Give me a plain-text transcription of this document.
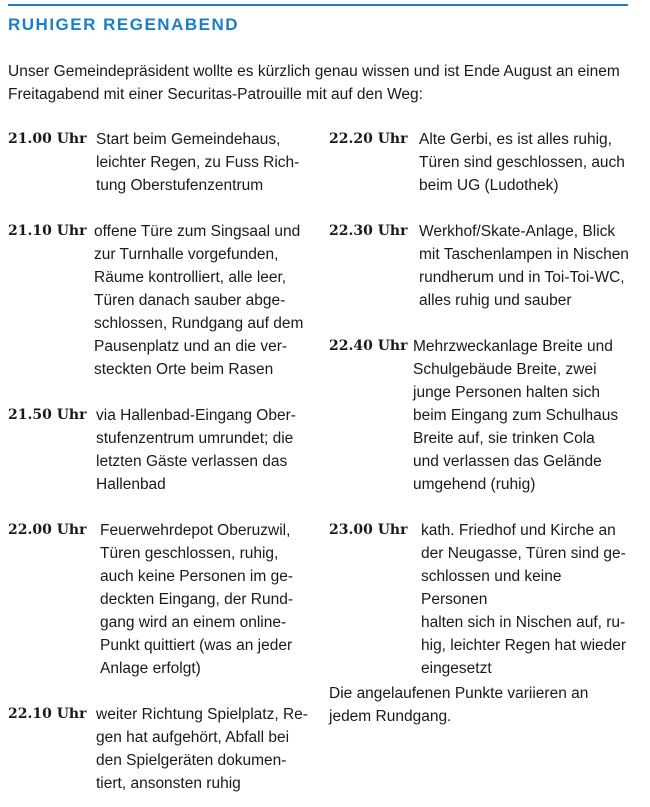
RUHIGER REGENABEND
Unser Gemeindepräsident wollte es kürzlich genau wissen und ist Ende August an einem Freitagabend mit einer Securitas-Patrouille mit auf den Weg:
21.00 Uhr Start beim Gemeindehaus,
leichter Regen, zu Fuss Rich-
tung Oberstufenzentrum
21.10 Uhr offene Türe zum Singsaal und
zur Turnhalle vorgefunden,
Räume kontrolliert, alle leer,
Türen danach sauber abge-
schlossen, Rundgang auf dem
Pausenplatz und an die ver-
steckten Orte beim Rasen
21.50 Uhr via Hallenbad-Eingang Ober-
stufenzentrum umrundet; die
letzten Gäste verlassen das
Hallenbad
22.00 Uhr Feuerwehrdepot Oberuzwil,
Türen geschlossen, ruhig,
auch keine Personen im ge-
deckten Eingang, der Rund-
gang wird an einem online-
Punkt quittiert (was an jeder
Anlage erfolgt)
22.10 Uhr weiter Richtung Spielplatz, Re-
gen hat aufgehört, Abfall bei
den Spielgeräten dokumen-
tiert, ansonsten ruhig
22.20 Uhr Alte Gerbi, es ist alles ruhig,
Türen sind geschlossen, auch
beim UG (Ludothek)
22.30 Uhr Werkhof/Skate-Anlage, Blick
mit Taschenlampen in Nischen
rundherum und in Toi-Toi-WC,
alles ruhig und sauber
22.40 Uhr Mehrzweckanlage Breite und
Schulgebäude Breite, zwei
junge Personen halten sich
beim Eingang zum Schulhaus
Breite auf, sie trinken Cola
und verlassen das Gelände
umgehend (ruhig)
23.00 Uhr kath. Friedhof und Kirche an
der Neugasse, Türen sind ge-
schlossen und keine Personen
halten sich in Nischen auf, ru-
hig, leichter Regen hat wieder
eingesetzt
Die angelaufenen Punkte variieren an
jedem Rundgang.
